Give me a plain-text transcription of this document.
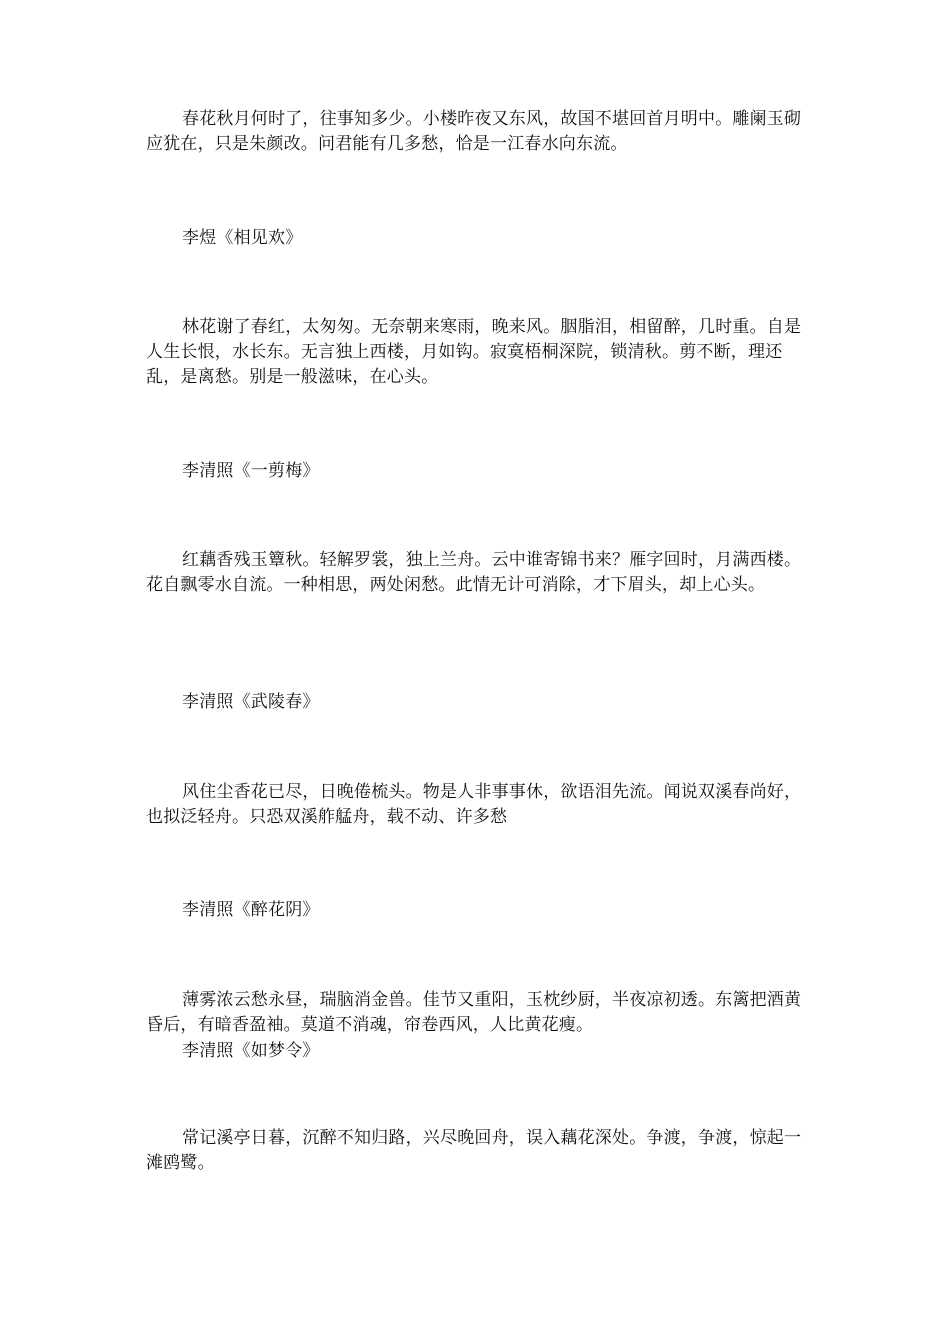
春花秋月何时了，往事知多少。小楼昨夜又东风，故国不堪回首月明中。雕阑玉砌应犹在，只是朱颜改。问君能有几多愁，恰是一江春水向东流。
李煜《相见欢》
林花谢了春红，太匆匆。无奈朝来寒雨，晚来风。胭脂泪，相留醉，几时重。自是人生长恨，水长东。无言独上西楼，月如钩。寂寞梧桐深院，锁清秋。剪不断，理还乱，是离愁。别是一般滋味，在心头。
李清照《一剪梅》
红藕香残玉簟秋。轻解罗裳，独上兰舟。云中谁寄锦书来？雁字回时，月满西楼。花自飘零水自流。一种相思，两处闲愁。此情无计可消除，才下眉头，却上心头。
李清照《武陵春》
风住尘香花已尽，日晚倦梳头。物是人非事事休，欲语泪先流。闻说双溪春尚好，也拟泛轻舟。只恐双溪舴艋舟，载不动、许多愁
李清照《醉花阴》
薄雾浓云愁永昼，瑞脑消金兽。佳节又重阳，玉枕纱厨，半夜凉初透。东篱把酒黄昏后，有暗香盈袖。莫道不消魂，帘卷西风，人比黄花瘦。
李清照《如梦令》
常记溪亭日暮，沉醉不知归路，兴尽晚回舟，误入藕花深处。争渡，争渡，惊起一滩鸥鹭。
